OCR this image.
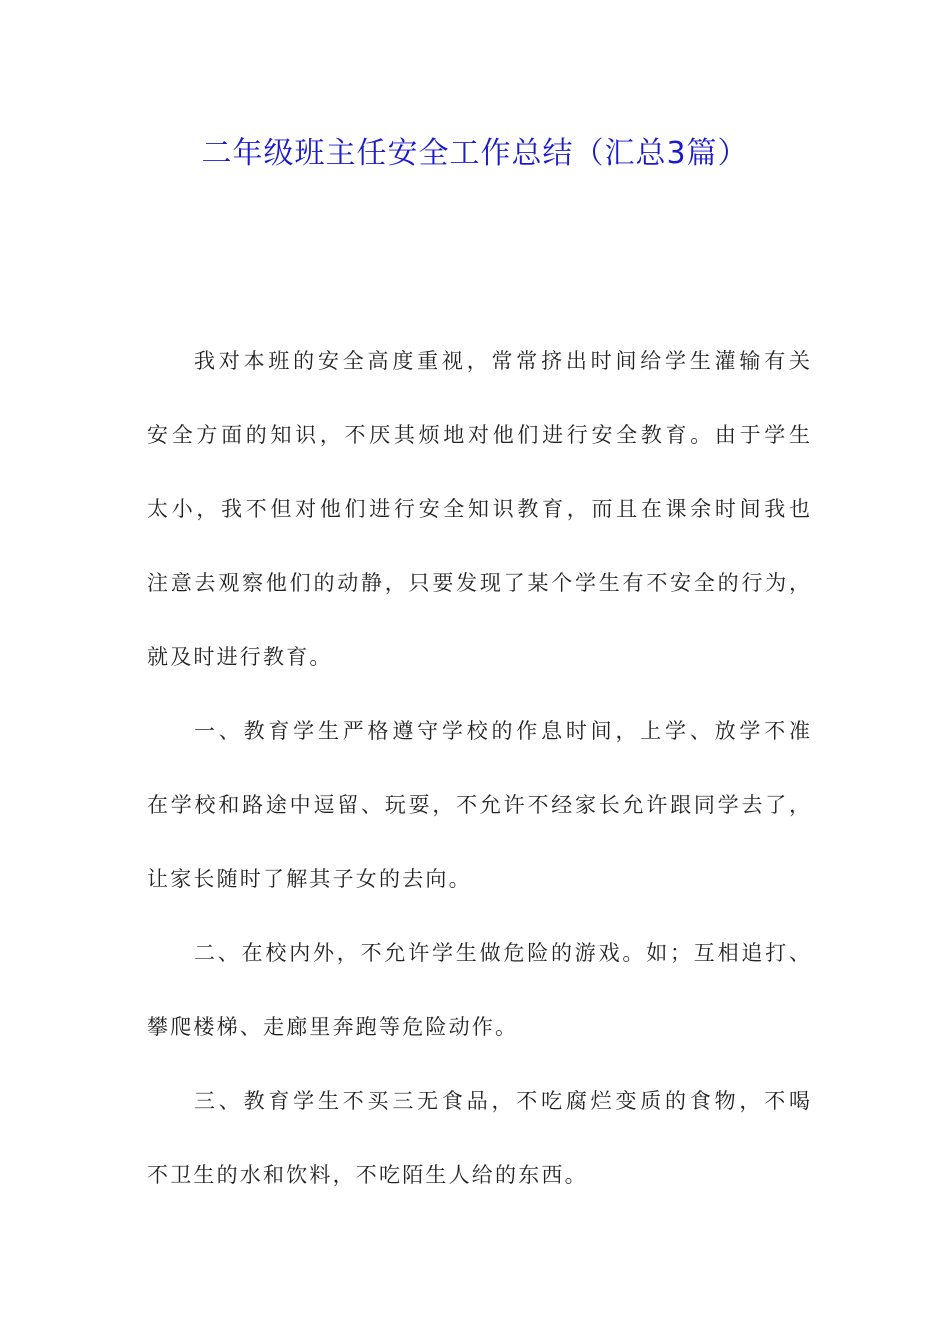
二年级班主任安全工作总结（汇总3篇）
我对本班的安全高度重视，常常挤出时间给学生灌输有关
安全方面的知识，不厌其烦地对他们进行安全教育。由于学生
太小，我不但对他们进行安全知识教育，而且在课余时间我也
注意去观察他们的动静，只要发现了某个学生有不安全的行为，
就及时进行教育。
一、教育学生严格遵守学校的作息时间，上学、放学不准
在学校和路途中逗留、玩耍，不允许不经家长允许跟同学去了，
让家长随时了解其子女的去向。
二、在校内外，不允许学生做危险的游戏。如；互相追打、
攀爬楼梯、走廊里奔跑等危险动作。
三、教育学生不买三无食品，不吃腐烂变质的食物，不喝
不卫生的水和饮料，不吃陌生人给的东西。
